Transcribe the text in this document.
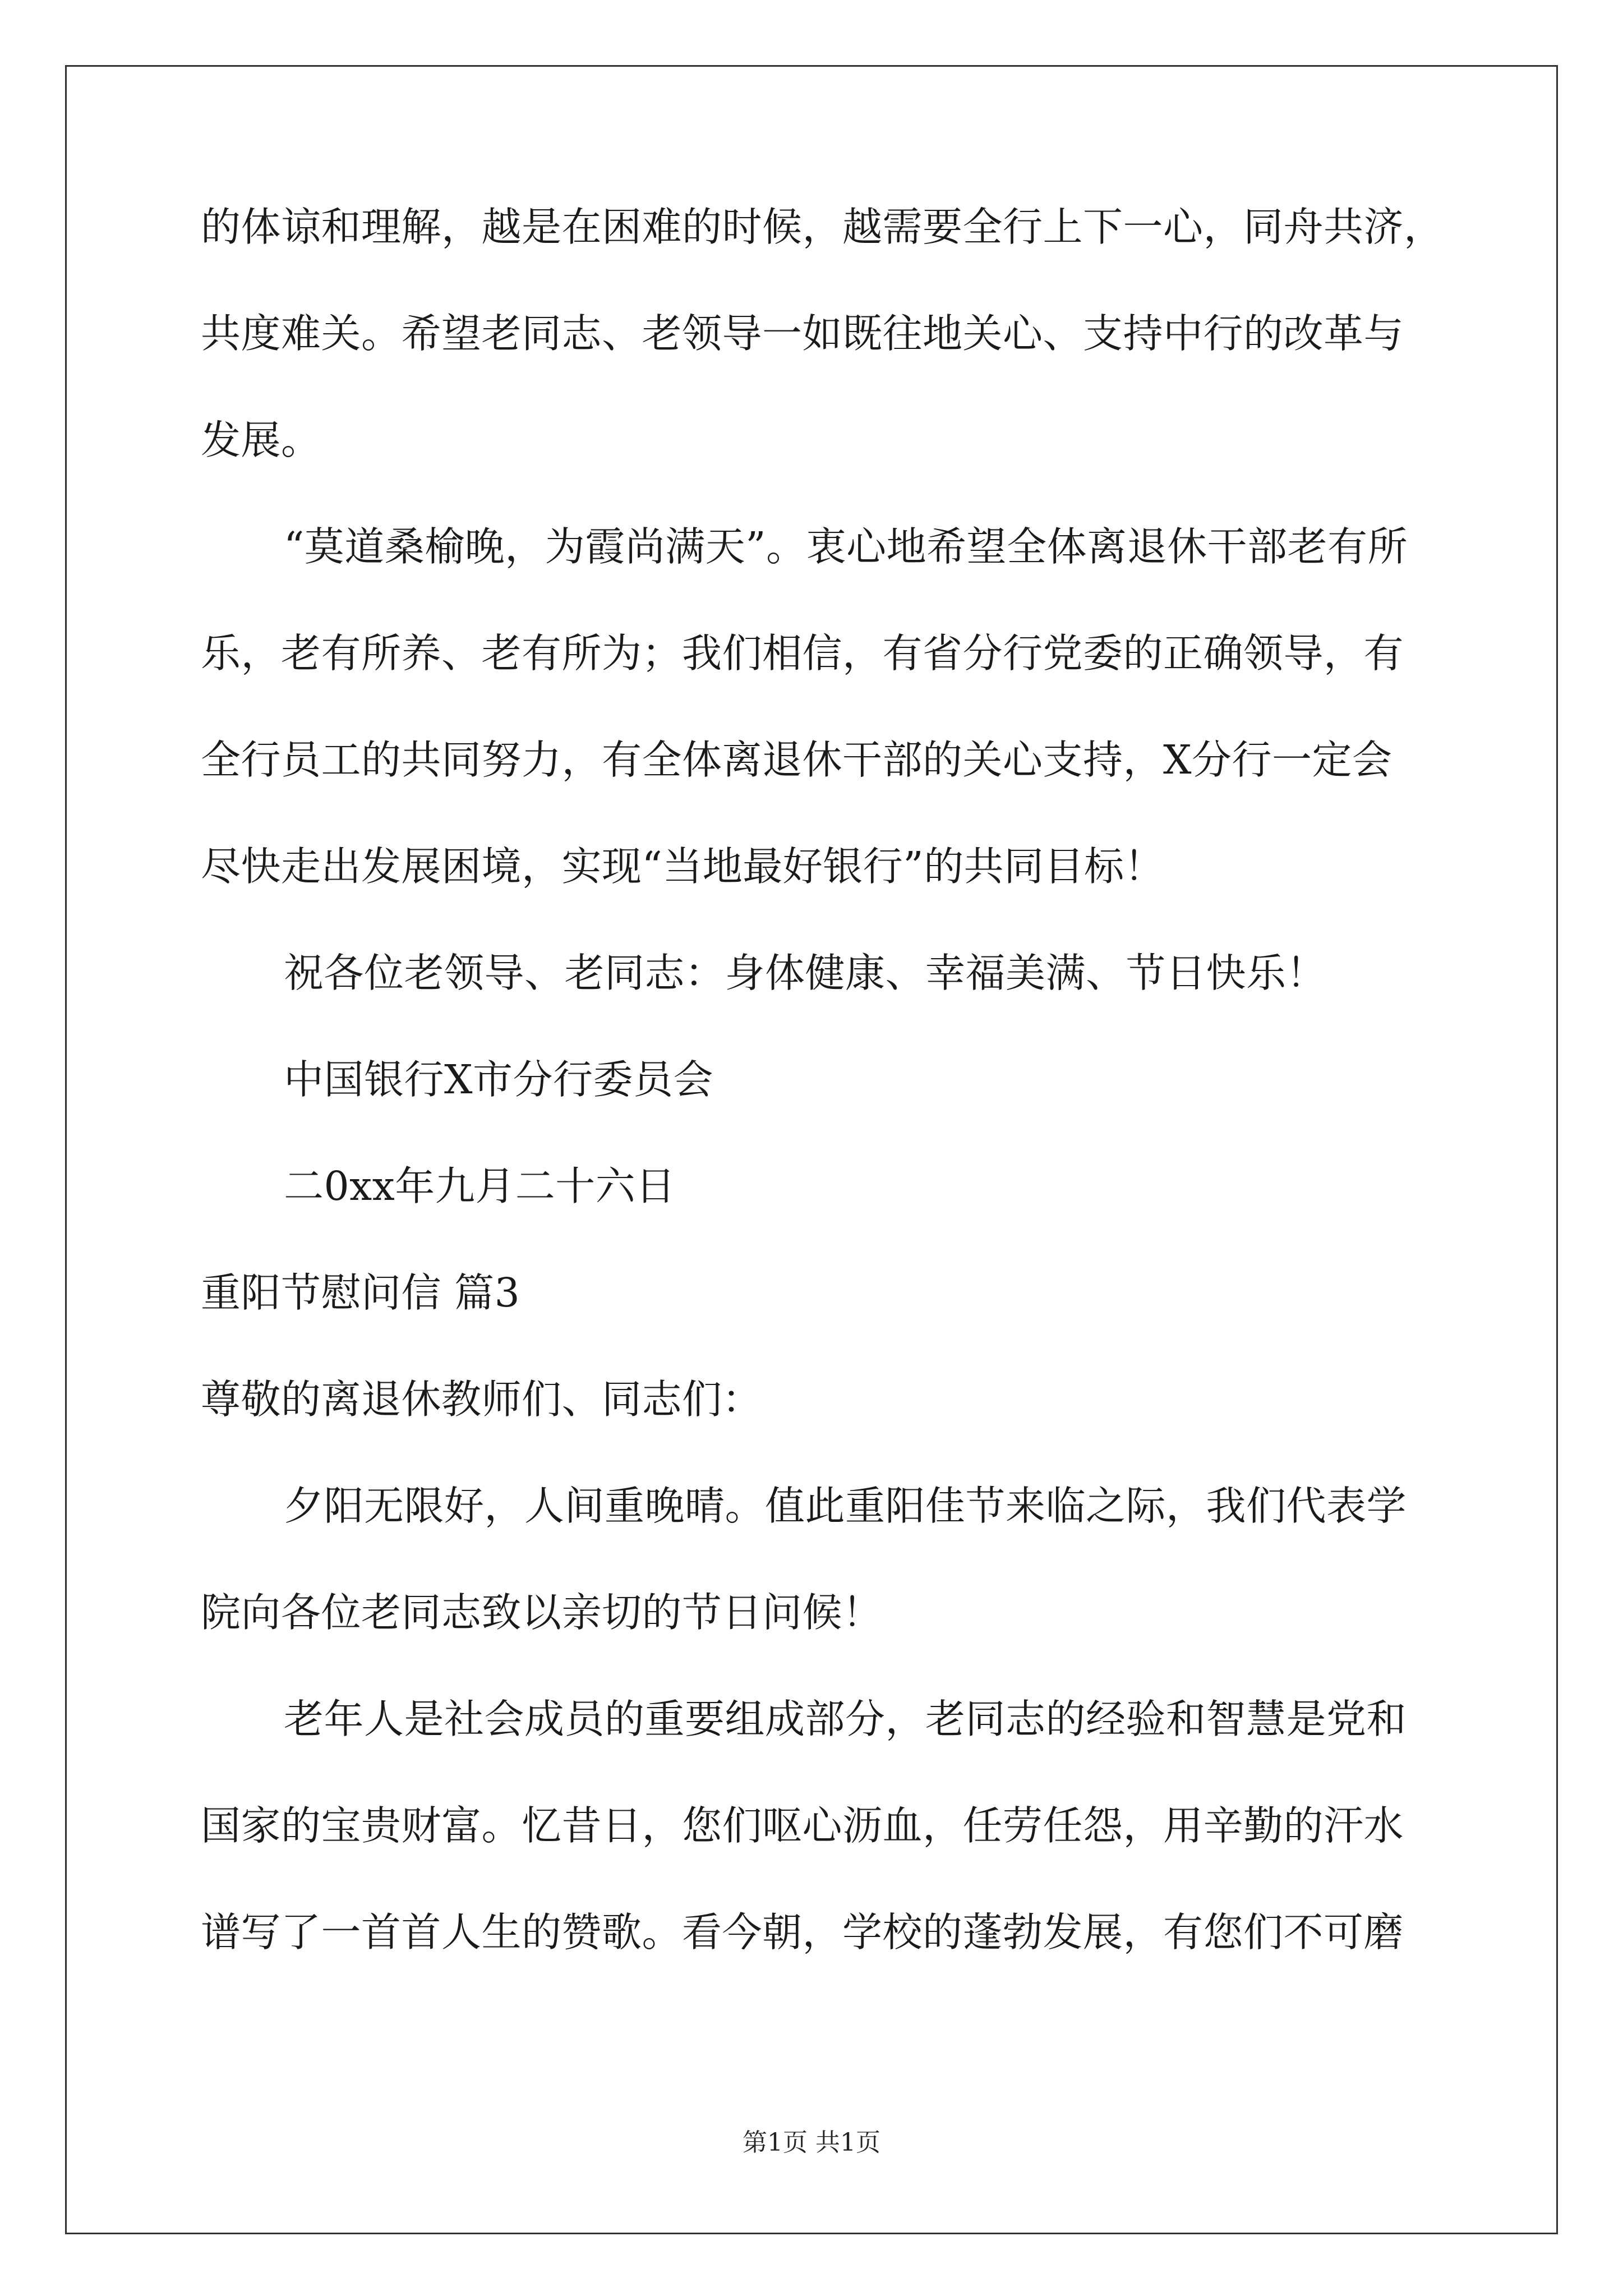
的体谅和理解，越是在困难的时候，越需要全行上下一心，同舟共济，
共度难关。希望老同志、老领导一如既往地关心、支持中行的改革与
发展。
“莫道桑榆晚，为霞尚满天”。衷心地希望全体离退休干部老有所
乐，老有所养、老有所为；我们相信，有省分行党委的正确领导，有
全行员工的共同努力，有全体离退休干部的关心支持，X分行一定会
尽快走出发展困境，实现“当地最好银行”的共同目标！
祝各位老领导、老同志：身体健康、幸福美满、节日快乐！
中国银行X市分行委员会
二0xx年九月二十六日
重阳节慰问信 篇3
尊敬的离退休教师们、同志们：
夕阳无限好，人间重晚晴。值此重阳佳节来临之际，我们代表学
院向各位老同志致以亲切的节日问候！
老年人是社会成员的重要组成部分，老同志的经验和智慧是党和
国家的宝贵财富。忆昔日，您们呕心沥血，任劳任怨，用辛勤的汗水
谱写了一首首人生的赞歌。看今朝，学校的蓬勃发展，有您们不可磨
第1页 共1页
